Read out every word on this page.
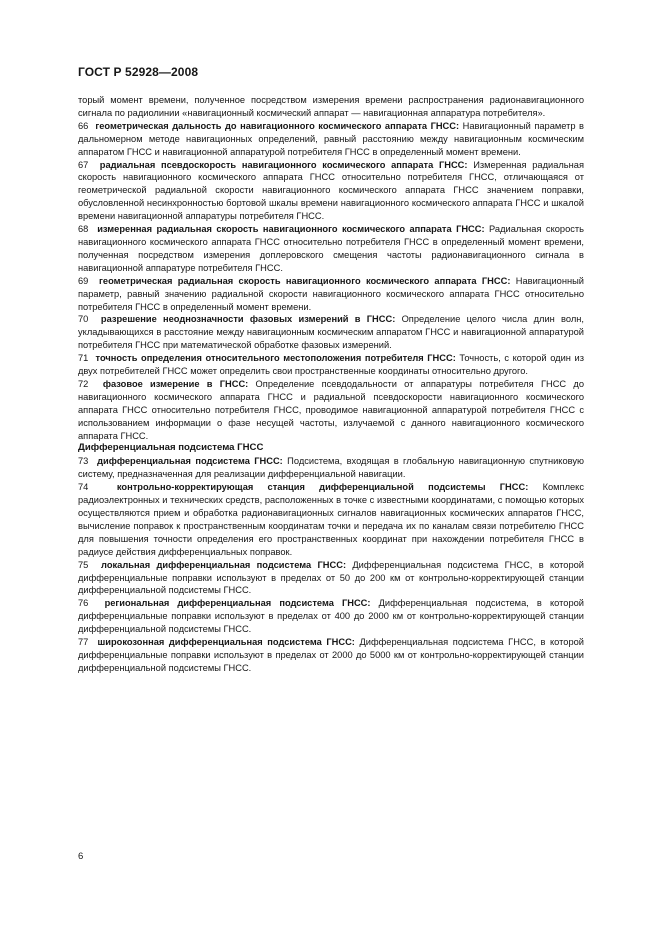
ГОСТ Р 52928—2008

торый момент времени, полученное посредством измерения времени распространения радионавигационного сигнала по радиолинии «навигационный космический аппарат — навигационная аппаратура потребителя».

66 геометрическая дальность до навигационного космического аппарата ГНСС: Навигационный параметр в дальномерном методе навигационных определений, равный расстоянию между навигационным космическим аппаратом ГНСС и навигационной аппаратурой потребителя ГНСС в определенный момент времени.

67 радиальная псевдоскорость навигационного космического аппарата ГНСС: Измеренная радиальная скорость навигационного космического аппарата ГНСС относительно потребителя ГНСС, отличающаяся от геометрической радиальной скорости навигационного космического аппарата ГНСС значением поправки, обусловленной несинхронностью бортовой шкалы времени навигационного космического аппарата ГНСС и шкалой времени навигационной аппаратуры потребителя ГНСС.

68 измеренная радиальная скорость навигационного космического аппарата ГНСС: Радиальная скорость навигационного космического аппарата ГНСС относительно потребителя ГНСС в определенный момент времени, полученная посредством измерения доплеровского смещения частоты радионавигационного сигнала в навигационной аппаратуре потребителя ГНСС.

69 геометрическая радиальная скорость навигационного космического аппарата ГНСС: Навигационный параметр, равный значению радиальной скорости навигационного космического аппарата ГНСС относительно потребителя ГНСС в определенный момент времени.

70 разрешение неоднозначности фазовых измерений в ГНСС: Определение целого числа длин волн, укладывающихся в расстояние между навигационным космическим аппаратом ГНСС и навигационной аппаратурой потребителя ГНСС при математической обработке фазовых измерений.

71 точность определения относительного местоположения потребителя ГНСС: Точность, с которой один из двух потребителей ГНСС может определить свои пространственные координаты относительно другого.

72 фазовое измерение в ГНСС: Определение псевдодальности от аппаратуры потребителя ГНСС до навигационного космического аппарата ГНСС и радиальной псевдоскорости навигационного космического аппарата ГНСС относительно потребителя ГНСС, проводимое навигационной аппаратурой потребителя ГНСС с использованием информации о фазе несущей частоты, излучаемой с данного навигационного космического аппарата ГНСС.

Дифференциальная подсистема ГНСС

73 дифференциальная подсистема ГНСС: Подсистема, входящая в глобальную навигационную спутниковую систему, предназначенная для реализации дифференциальной навигации.

74	контрольно-корректирующая станция дифференциальной подсистемы ГНСС: Комплекс радиоэлектронных и технических средств, расположенных в точке с известными координатами, с помощью которых осуществляются прием и обработка радионавигационных сигналов навигационных космических аппаратов ГНСС, вычисление поправок к пространственным координатам точки и передача их по каналам связи потребителю ГНСС для повышения точности определения его пространственных координат при нахождении потребителя ГНСС в радиусе действия дифференциальных поправок.

75 локальная дифференциальная подсистема ГНСС: Дифференциальная подсистема ГНСС, в которой дифференциальные поправки используют в пределах от 50 до 200 км от контрольно-корректирующей станции дифференциальной подсистемы ГНСС.

76 региональная дифференциальная подсистема ГНСС: Дифференциальная подсистема, в которой дифференциальные поправки используют в пределах от 400 до 2000 км от контрольно-корректирующей станции дифференциальной подсистемы ГНСС.

77 широкозонная дифференциальная подсистема ГНСС: Дифференциальная подсистема ГНСС, в которой дифференциальные поправки используют в пределах от 2000 до 5000 км от контрольно-корректирующей станции дифференциальной подсистемы ГНСС.

6
